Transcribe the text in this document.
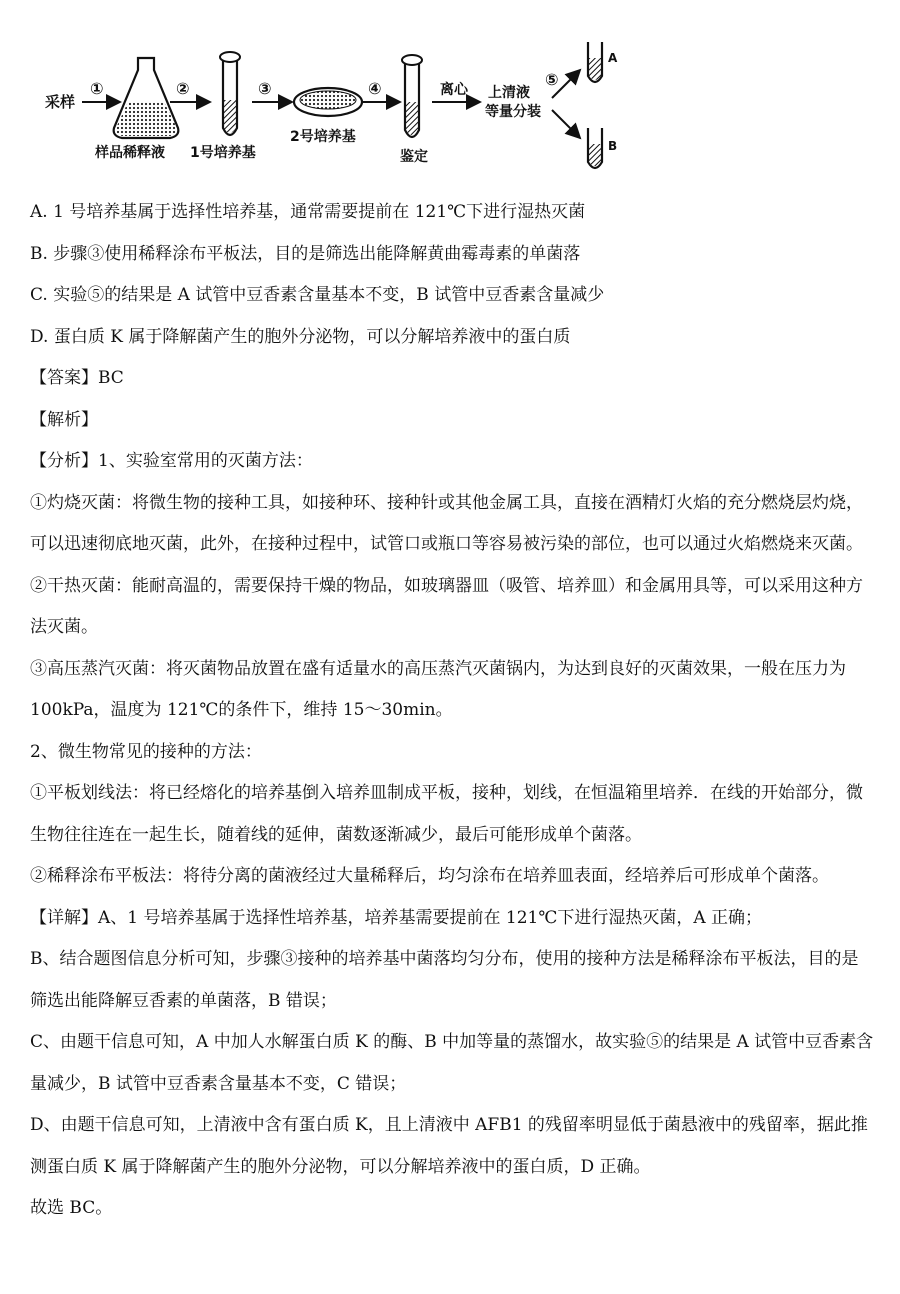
采样
①
样品稀释液
②
1号培养基
③
2号培养基
④
鉴定
离心 上清液
等量分装
⑤
A
B
A. 1 号培养基属于选择性培养基，通常需要提前在 121℃下进行湿热灭菌
B. 步骤③使用稀释涂布平板法，目的是筛选出能降解黄曲霉毒素的单菌落
C. 实验⑤的结果是 A 试管中豆香素含量基本不变，B 试管中豆香素含量减少
D. 蛋白质 K 属于降解菌产生的胞外分泌物，可以分解培养液中的蛋白质
【答案】BC
【解析】
【分析】1、实验室常用的灭菌方法：
①灼烧灭菌：将微生物的接种工具，如接种环、接种针或其他金属工具，直接在酒精灯火焰的充分燃烧层灼烧，可以迅速彻底地灭菌，此外，在接种过程中，试管口或瓶口等容易被污染的部位，也可以通过火焰燃烧来灭菌。
②干热灭菌：能耐高温的，需要保持干燥的物品，如玻璃器皿（吸管、培养皿）和金属用具等，可以采用这种方法灭菌。
③高压蒸汽灭菌：将灭菌物品放置在盛有适量水的高压蒸汽灭菌锅内，为达到良好的灭菌效果，一般在压力为 100kPa，温度为 121℃的条件下，维持 15～30min。
2、微生物常见的接种的方法：
①平板划线法：将已经熔化的培养基倒入培养皿制成平板，接种，划线，在恒温箱里培养．在线的开始部分，微生物往往连在一起生长，随着线的延伸，菌数逐渐减少，最后可能形成单个菌落。
②稀释涂布平板法：将待分离的菌液经过大量稀释后，均匀涂布在培养皿表面，经培养后可形成单个菌落。
【详解】A、1 号培养基属于选择性培养基，培养基需要提前在 121℃下进行湿热灭菌，A 正确；
B、结合题图信息分析可知，步骤③接种的培养基中菌落均匀分布，使用的接种方法是稀释涂布平板法，目的是筛选出能降解豆香素的单菌落，B 错误；
C、由题干信息可知，A 中加人水解蛋白质 K 的酶、B 中加等量的蒸馏水，故实验⑤的结果是 A 试管中豆香素含量减少，B 试管中豆香素含量基本不变，C 错误；
D、由题干信息可知，上清液中含有蛋白质 K，且上清液中 AFB1 的残留率明显低于菌悬液中的残留率，据此推测蛋白质 K 属于降解菌产生的胞外分泌物，可以分解培养液中的蛋白质，D 正确。
故选 BC。
